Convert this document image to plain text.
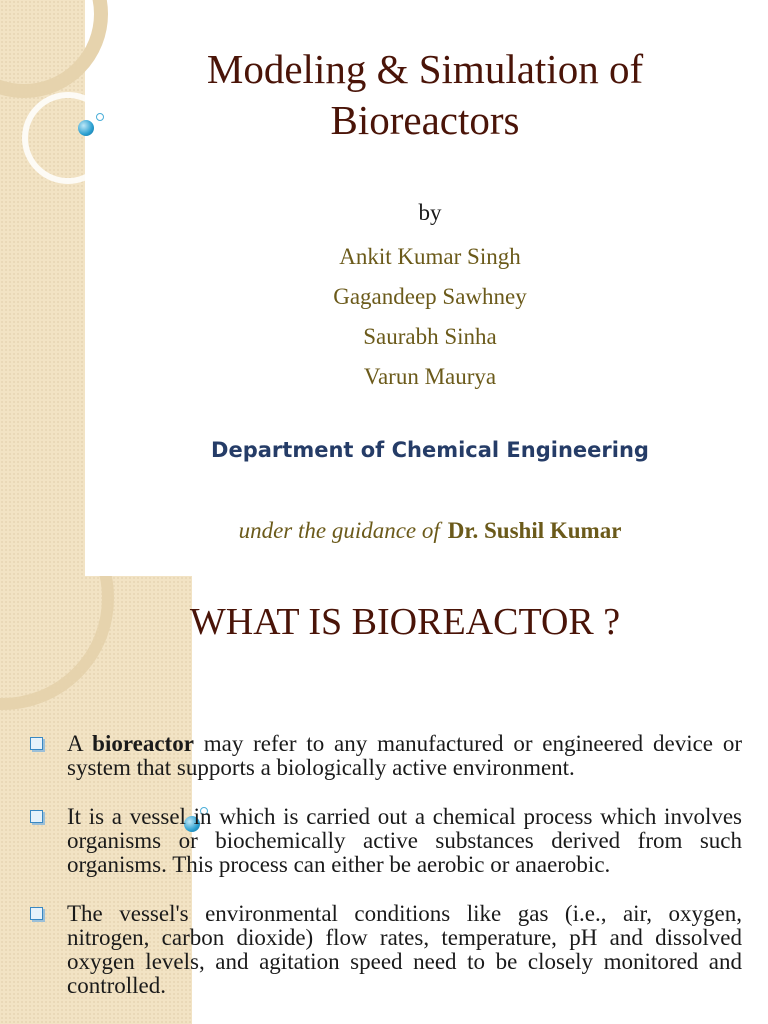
Modeling & Simulation of Bioreactors
by
Ankit Kumar Singh
Gagandeep Sawhney
Saurabh Sinha
Varun Maurya
Department of Chemical Engineering
under the guidance of Dr. Sushil Kumar
WHAT IS BIOREACTOR ?
A bioreactor may refer to any manufactured or engineered device or system that supports a biologically active environment.
It is a vessel in which is carried out a chemical process which involves organisms or biochemically active substances derived from such organisms. This process can either be aerobic or anaerobic.
The vessel's environmental conditions like gas (i.e., air, oxygen, nitrogen, carbon dioxide) flow rates, temperature, pH and dissolved oxygen levels, and agitation speed need to be closely monitored and controlled.
